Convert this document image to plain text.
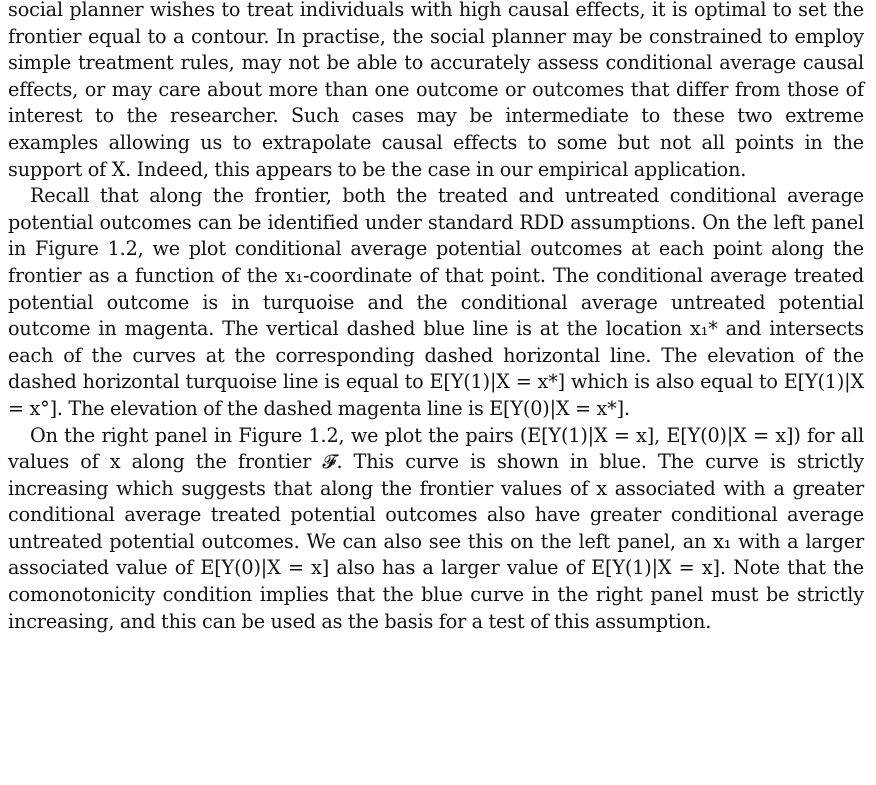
social planner wishes to treat individuals with high causal effects, it is optimal to set the frontier equal to a contour. In practise, the social planner may be constrained to employ simple treatment rules, may not be able to accurately assess conditional average causal effects, or may care about more than one outcome or outcomes that differ from those of interest to the researcher. Such cases may be intermediate to these two extreme examples allowing us to extrapolate causal effects to some but not all points in the support of X. Indeed, this appears to be the case in our empirical application.

Recall that along the frontier, both the treated and untreated conditional average potential outcomes can be identified under standard RDD assumptions. On the left panel in Figure 1.2, we plot conditional average potential outcomes at each point along the frontier as a function of the x₁-coordinate of that point. The conditional average treated potential outcome is in turquoise and the conditional average untreated potential outcome in magenta. The vertical dashed blue line is at the location x₁* and intersects each of the curves at the corresponding dashed horizontal line. The elevation of the dashed horizontal turquoise line is equal to E[Y(1)|X = x*] which is also equal to E[Y(1)|X = x°]. The elevation of the dashed magenta line is E[Y(0)|X = x*].

On the right panel in Figure 1.2, we plot the pairs (E[Y(1)|X = x], E[Y(0)|X = x]) for all values of x along the frontier 𝓕. This curve is shown in blue. The curve is strictly increasing which suggests that along the frontier values of x associated with a greater conditional average treated potential outcomes also have greater conditional average untreated potential outcomes. We can also see this on the left panel, an x₁ with a larger associated value of E[Y(0)|X = x] also has a larger value of E[Y(1)|X = x]. Note that the comonotonicity condition implies that the blue curve in the right panel must be strictly increasing, and this can be used as the basis for a test of this assumption.
